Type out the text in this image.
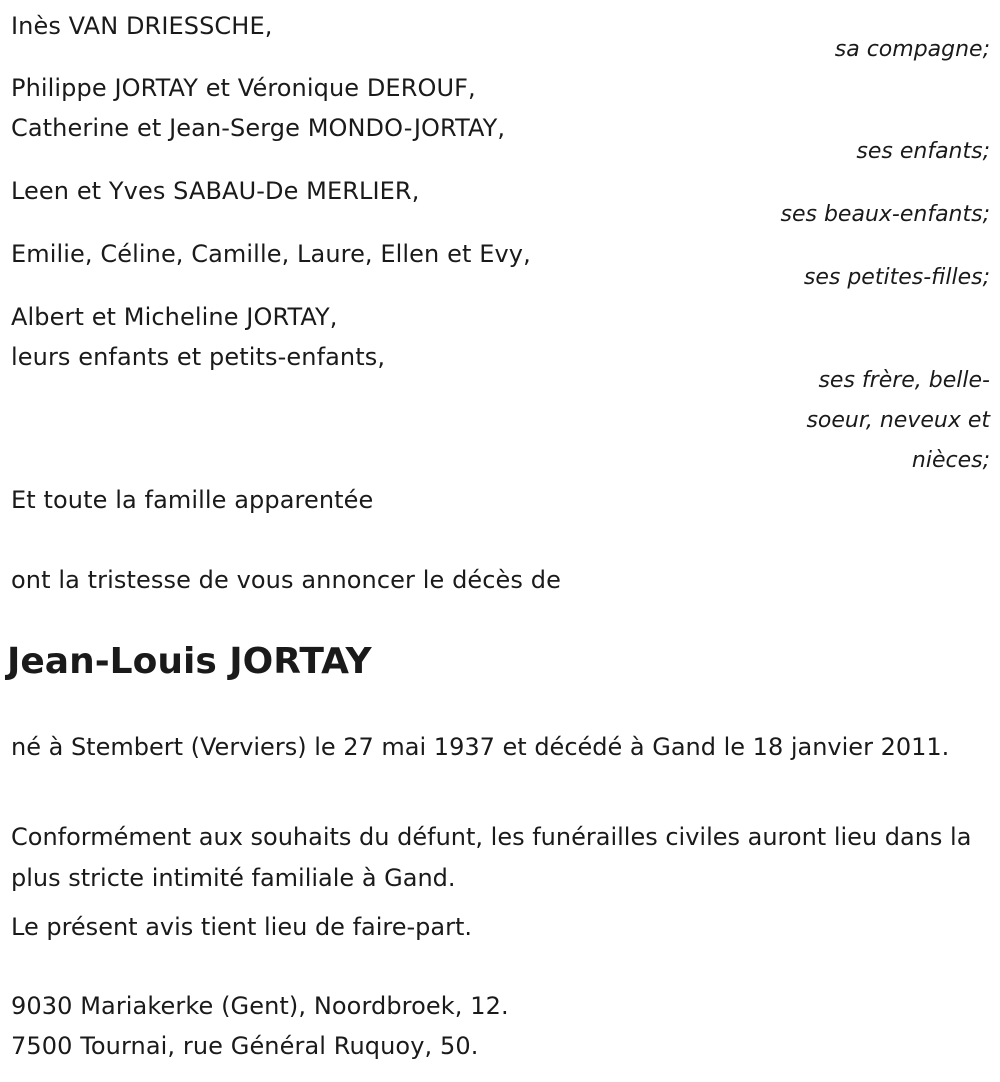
Inès VAN DRIESSCHE,
sa compagne;
Philippe JORTAY et Véronique DEROUF,
Catherine et Jean-Serge MONDO-JORTAY,
ses enfants;
Leen et Yves SABAU-De MERLIER,
ses beaux-enfants;
Emilie, Céline, Camille, Laure, Ellen et Evy,
ses petites-filles;
Albert et Micheline JORTAY,
leurs enfants et petits-enfants,
ses frère, belle-
soeur, neveux et
nièces;
Et toute la famille apparentée
ont la tristesse de vous annoncer le décès de
Jean-Louis JORTAY
né à Stembert (Verviers) le 27 mai 1937 et décédé à Gand le 18 janvier 2011.
Conformément aux souhaits du défunt, les funérailles civiles auront lieu dans la plus stricte intimité familiale à Gand.
Le présent avis tient lieu de faire-part.
9030 Mariakerke (Gent), Noordbroek, 12.
7500 Tournai, rue Général Ruquoy, 50.
